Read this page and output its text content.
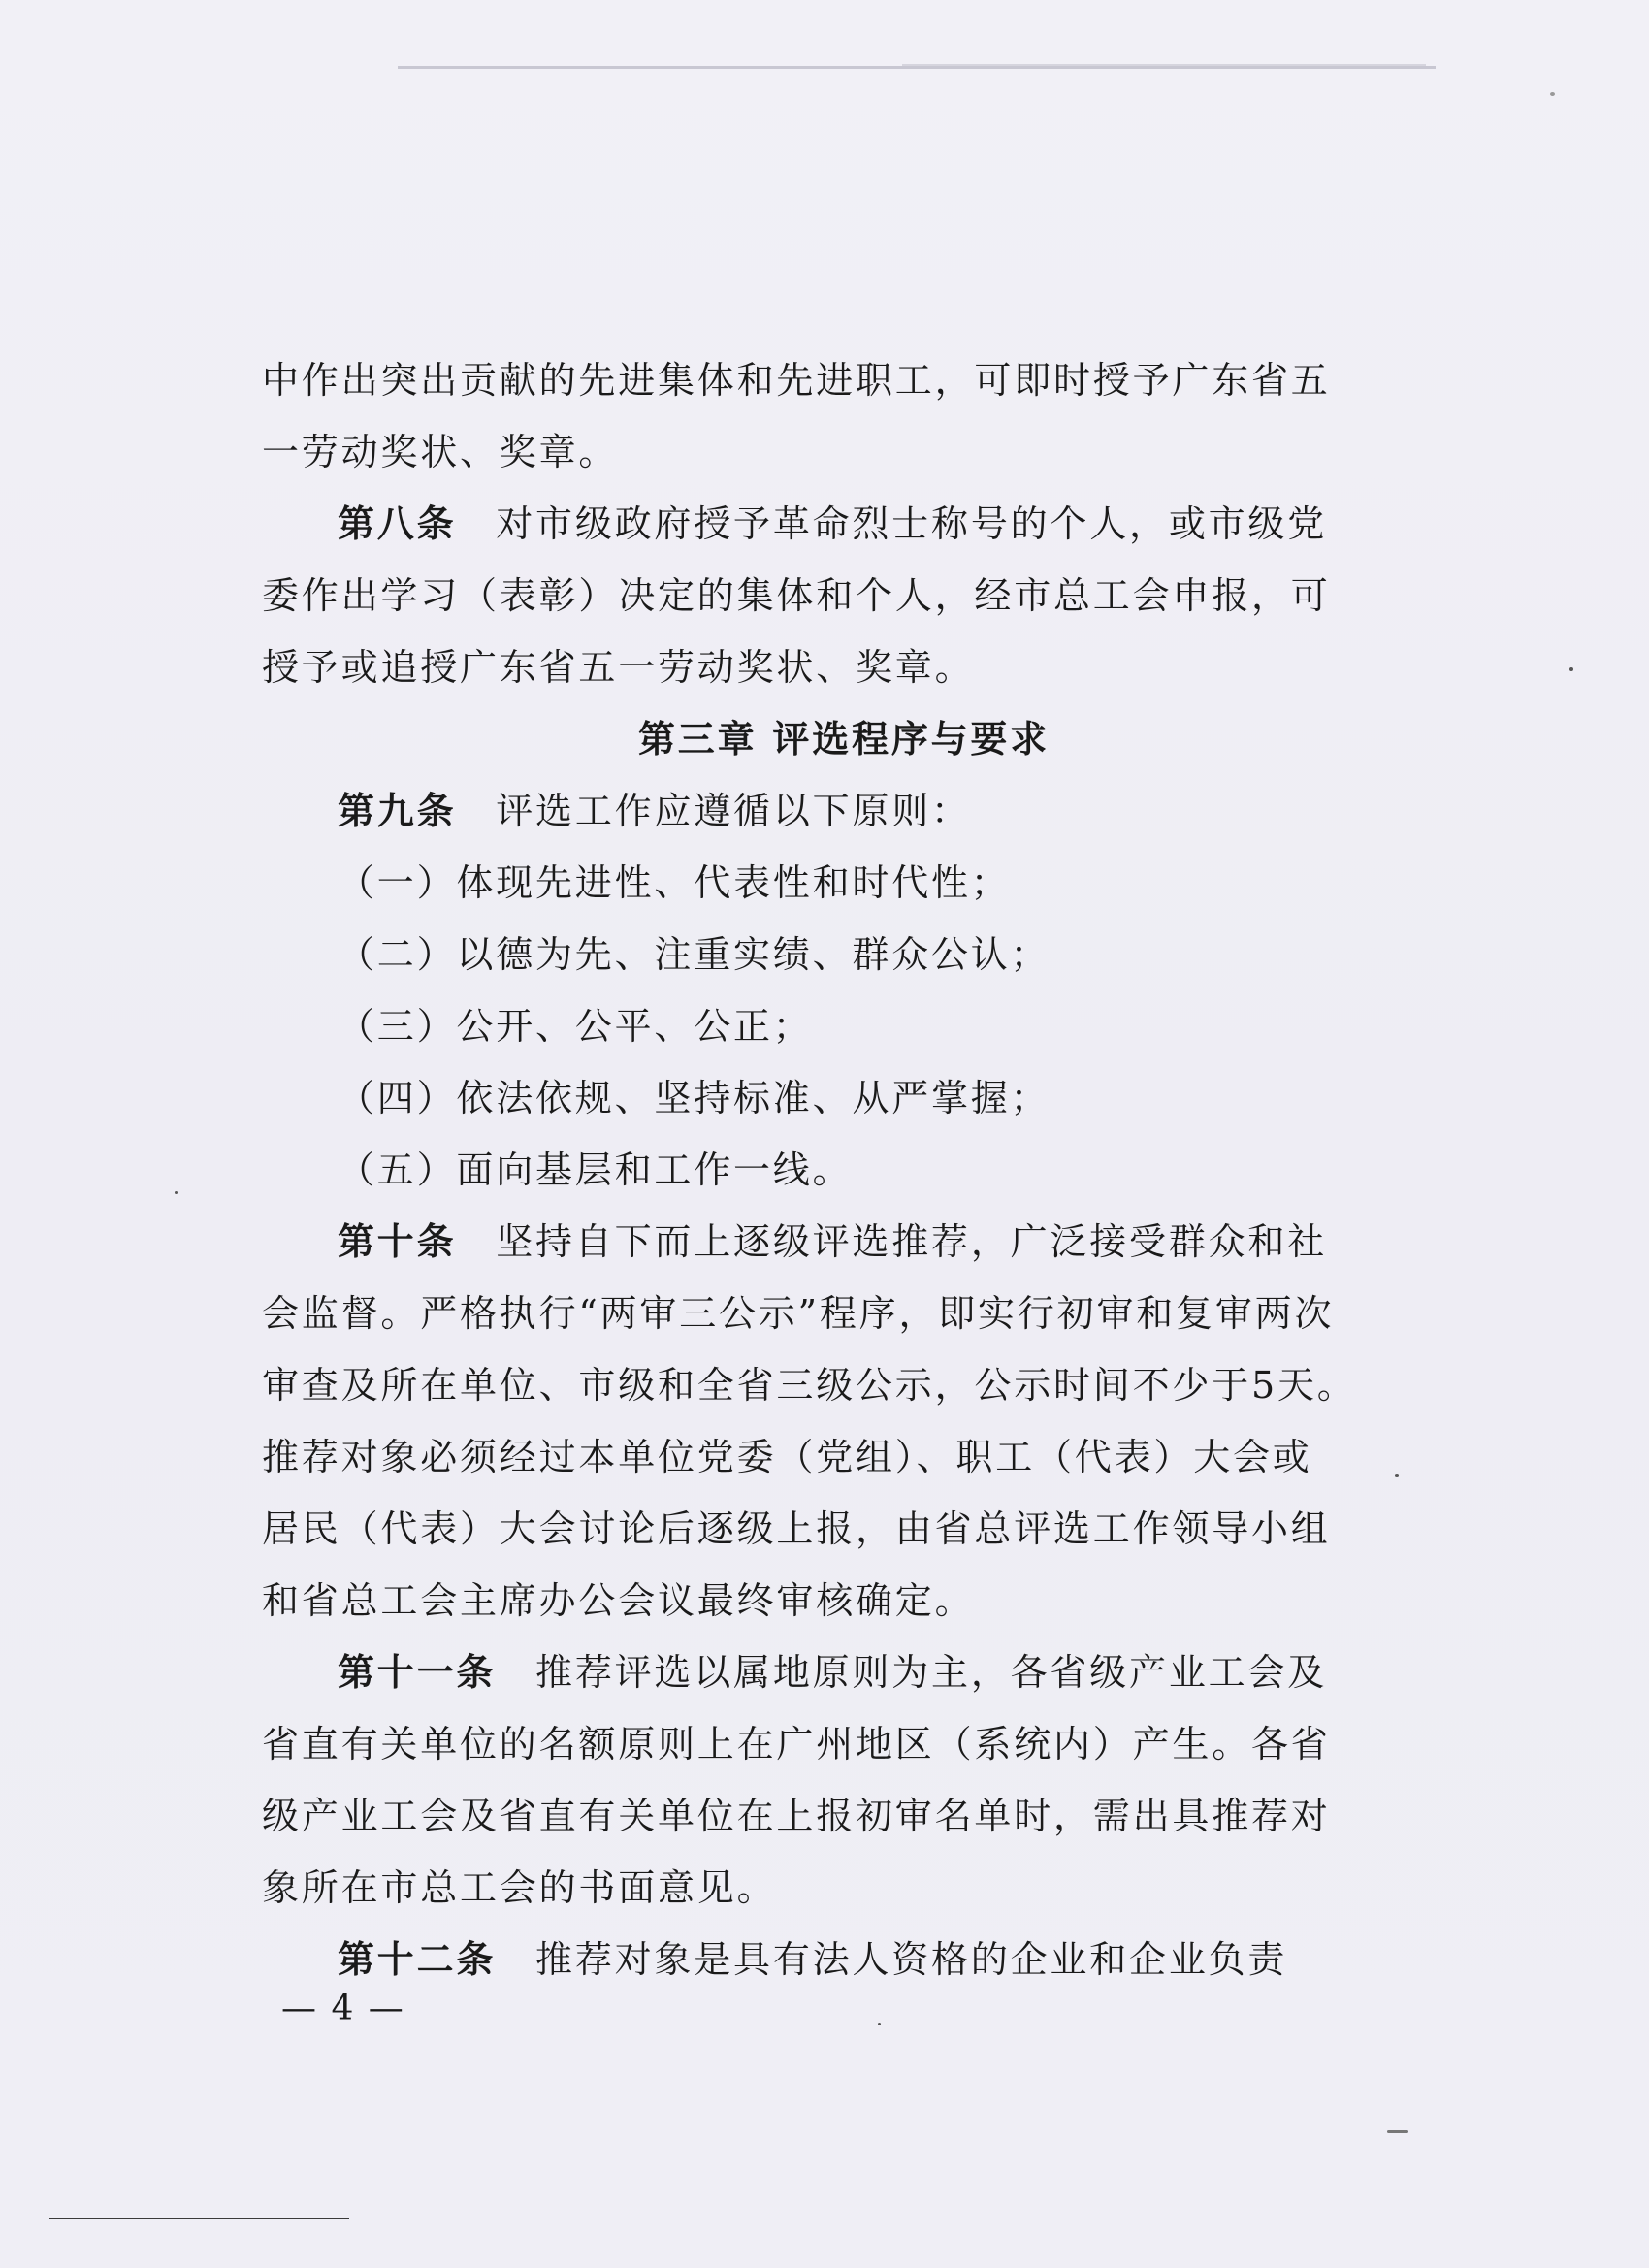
中作出突出贡献的先进集体和先进职工，可即时授予广东省五

一劳动奖状、奖章。

第八条　 对市级政府授予革命烈士称号的个人，或市级党

委作出学习（表彰）决定的集体和个人，经市总工会申报，可

授予或追授广东省五一劳动奖状、奖章。

第三章 评选程序与要求

第九条　 评选工作应遵循以下原则：

（一）体现先进性、代表性和时代性；

（二）以德为先、注重实绩、群众公认；

（三）公开、公平、公正；

（四）依法依规、坚持标准、从严掌握；

（五）面向基层和工作一线。

第十条　 坚持自下而上逐级评选推荐，广泛接受群众和社

会监督。严格执行“两审三公示”程序，即实行初审和复审两次

审查及所在单位、市级和全省三级公示，公示时间不少于5天。

推荐对象必须经过本单位党委（党组）、职工（代表）大会或

居民（代表）大会讨论后逐级上报，由省总评选工作领导小组

和省总工会主席办公会议最终审核确定。

第十一条　 推荐评选以属地原则为主，各省级产业工会及

省直有关单位的名额原则上在广州地区（系统内）产生。各省

级产业工会及省直有关单位在上报初审名单时，需出具推荐对

象所在市总工会的书面意见。

第十二条　 推荐对象是具有法人资格的企业和企业负责

— 4 —
